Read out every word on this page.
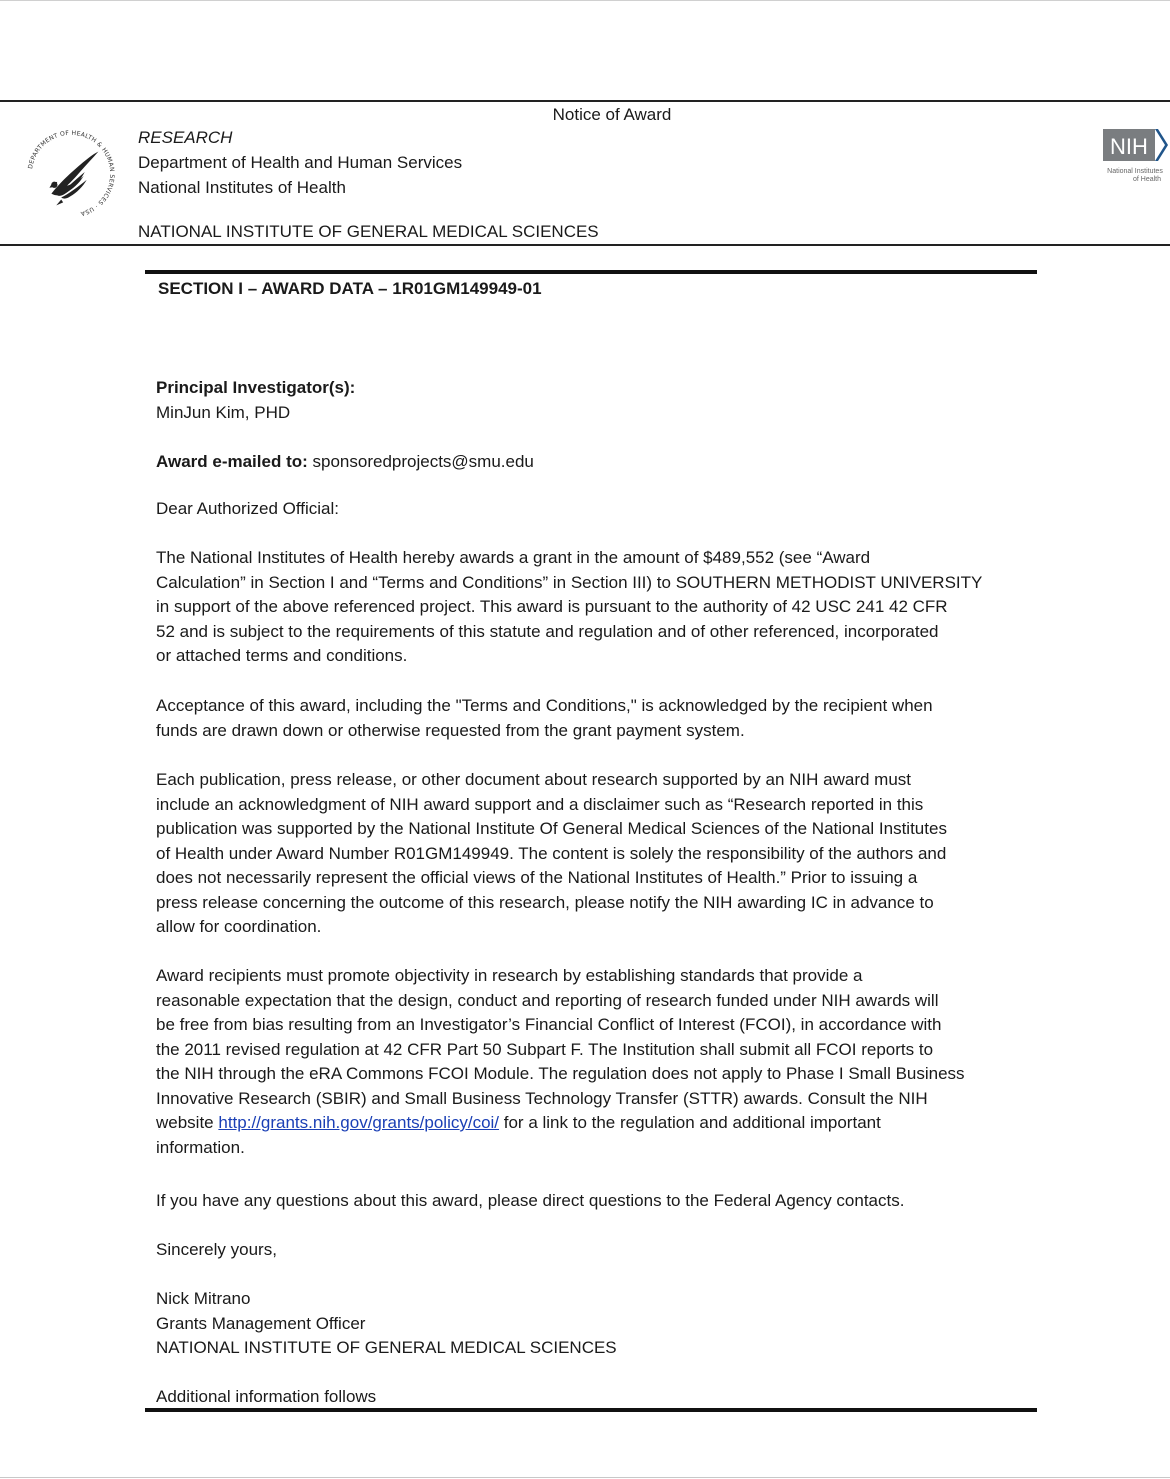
Notice of Award
DEPARTMENT OF HEALTH & HUMAN SERVICES · USA
RESEARCH
Department of Health and Human Services
National Institutes of Health
NATIONAL INSTITUTE OF GENERAL MEDICAL SCIENCES
NIH
National Institutes
of Health
SECTION I – AWARD DATA – 1R01GM149949-01

Principal Investigator(s):

MinJun Kim, PHD

Award e-mailed to: sponsoredprojects@smu.edu

Dear Authorized Official:

The National Institutes of Health hereby awards a grant in the amount of $489,552 (see “Award

Calculation” in Section I and “Terms and Conditions” in Section III) to SOUTHERN METHODIST UNIVERSITY

in support of the above referenced project. This award is pursuant to the authority of 42 USC 241 42 CFR

52 and is subject to the requirements of this statute and regulation and of other referenced, incorporated

or attached terms and conditions.

Acceptance of this award, including the "Terms and Conditions," is acknowledged by the recipient when

funds are drawn down or otherwise requested from the grant payment system.

Each publication, press release, or other document about research supported by an NIH award must

include an acknowledgment of NIH award support and a disclaimer such as “Research reported in this

publication was supported by the National Institute Of General Medical Sciences of the National Institutes

of Health under Award Number R01GM149949. The content is solely the responsibility of the authors and

does not necessarily represent the official views of the National Institutes of Health.” Prior to issuing a

press release concerning the outcome of this research, please notify the NIH awarding IC in advance to

allow for coordination.

Award recipients must promote objectivity in research by establishing standards that provide a

reasonable expectation that the design, conduct and reporting of research funded under NIH awards will

be free from bias resulting from an Investigator’s Financial Conflict of Interest (FCOI), in accordance with

the 2011 revised regulation at 42 CFR Part 50 Subpart F. The Institution shall submit all FCOI reports to

the NIH through the eRA Commons FCOI Module. The regulation does not apply to Phase I Small Business

Innovative Research (SBIR) and Small Business Technology Transfer (STTR) awards. Consult the NIH

website http://grants.nih.gov/grants/policy/coi/ for a link to the regulation and additional important

information.

If you have any questions about this award, please direct questions to the Federal Agency contacts.
Sincerely yours,

Nick Mitrano

Grants Management Officer

NATIONAL INSTITUTE OF GENERAL MEDICAL SCIENCES

Additional information follows
